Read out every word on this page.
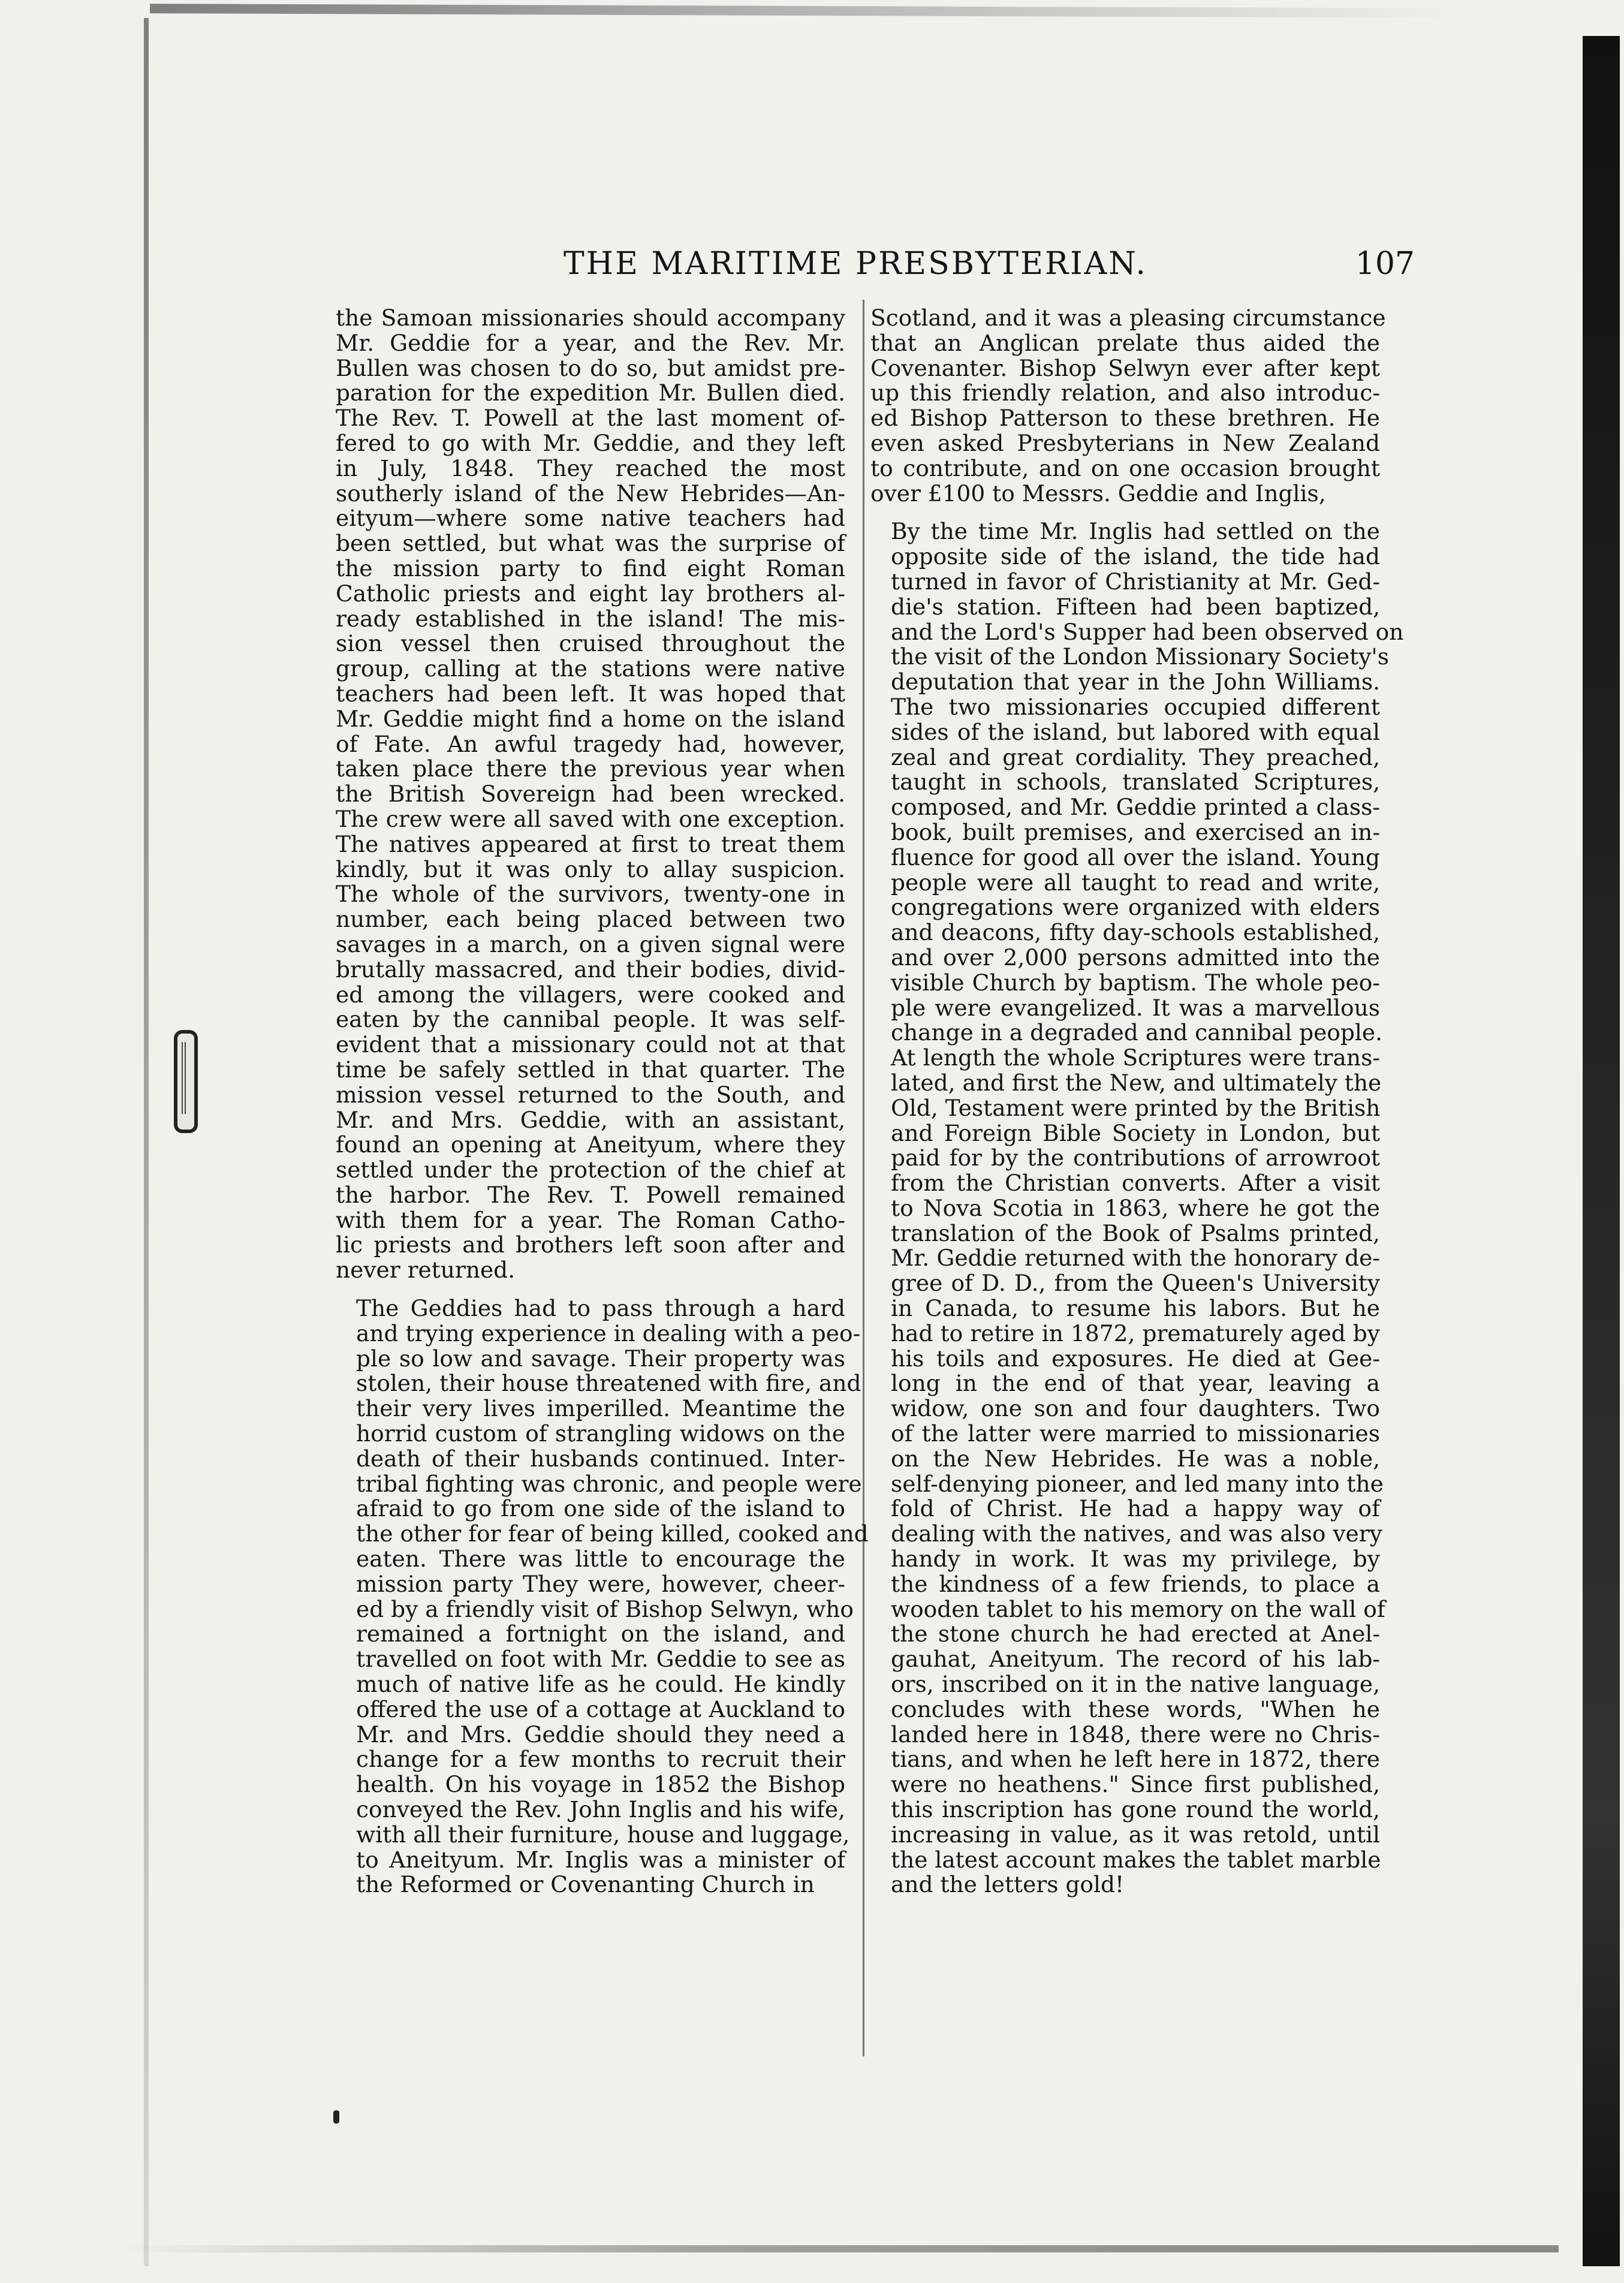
THE MARITIME PRESBYTERIAN.	107

the Samoan missionaries should accompany
Mr. Geddie for a year, and the Rev. Mr.
Bullen was chosen to do so, but amidst pre-
paration for the expedition Mr. Bullen died.
The Rev. T. Powell at the last moment of-
fered to go with Mr. Geddie, and they left
in July, 1848. They reached the most
southerly island of the New Hebrides—An-
eityum—where some native teachers had
been settled, but what was the surprise of
the mission party to find eight Roman
Catholic priests and eight lay brothers al-
ready established in the island! The mis-
sion vessel then cruised throughout the
group, calling at the stations were native
teachers had been left. It was hoped that
Mr. Geddie might find a home on the island
of Fate. An awful tragedy had, however,
taken place there the previous year when
the British Sovereign had been wrecked.
The crew were all saved with one exception.
The natives appeared at first to treat them
kindly, but it was only to allay suspicion.
The whole of the survivors, twenty-one in
number, each being placed between two
savages in a march, on a given signal were
brutally massacred, and their bodies, divid-
ed among the villagers, were cooked and
eaten by the cannibal people. It was self-
evident that a missionary could not at that
time be safely settled in that quarter. The
mission vessel returned to the South, and
Mr. and Mrs. Geddie, with an assistant,
found an opening at Aneityum, where they
settled under the protection of the chief at
the harbor. The Rev. T. Powell remained
with them for a year. The Roman Catho-
lic priests and brothers left soon after and
never returned.

The Geddies had to pass through a hard
and trying experience in dealing with a peo-
ple so low and savage. Their property was
stolen, their house threatened with fire, and
their very lives imperilled. Meantime the
horrid custom of strangling widows on the
death of their husbands continued. Inter-
tribal fighting was chronic, and people were
afraid to go from one side of the island to
the other for fear of being killed, cooked and
eaten. There was little to encourage the
mission party They were, however, cheer-
ed by a friendly visit of Bishop Selwyn, who
remained a fortnight on the island, and
travelled on foot with Mr. Geddie to see as
much of native life as he could. He kindly
offered the use of a cottage at Auckland to
Mr. and Mrs. Geddie should they need a
change for a few months to recruit their
health. On his voyage in 1852 the Bishop
conveyed the Rev. John Inglis and his wife,
with all their furniture, house and luggage,
to Aneityum. Mr. Inglis was a minister of
the Reformed or Covenanting Church in

Scotland, and it was a pleasing circumstance
that an Anglican prelate thus aided the
Covenanter. Bishop Selwyn ever after kept
up this friendly relation, and also introduc-
ed Bishop Patterson to these brethren. He
even asked Presbyterians in New Zealand
to contribute, and on one occasion brought
over £100 to Messrs. Geddie and Inglis,

By the time Mr. Inglis had settled on the
opposite side of the island, the tide had
turned in favor of Christianity at Mr. Ged-
die's station. Fifteen had been baptized,
and the Lord's Supper had been observed on
the visit of the London Missionary Society's
deputation that year in the John Williams.
The two missionaries occupied different
sides of the island, but labored with equal
zeal and great cordiality. They preached,
taught in schools, translated Scriptures,
composed, and Mr. Geddie printed a class-
book, built premises, and exercised an in-
fluence for good all over the island. Young
people were all taught to read and write,
congregations were organized with elders
and deacons, fifty day-schools established,
and over 2,000 persons admitted into the
visible Church by baptism. The whole peo-
ple were evangelized. It was a marvellous
change in a degraded and cannibal people.
At length the whole Scriptures were trans-
lated, and first the New, and ultimately the
Old, Testament were printed by the British
and Foreign Bible Society in London, but
paid for by the contributions of arrowroot
from the Christian converts. After a visit
to Nova Scotia in 1863, where he got the
translation of the Book of Psalms printed,
Mr. Geddie returned with the honorary de-
gree of D. D., from the Queen's University
in Canada, to resume his labors. But he
had to retire in 1872, prematurely aged by
his toils and exposures. He died at Gee-
long in the end of that year, leaving a
widow, one son and four daughters. Two
of the latter were married to missionaries
on the New Hebrides. He was a noble,
self-denying pioneer, and led many into the
fold of Christ. He had a happy way of
dealing with the natives, and was also very
handy in work. It was my privilege, by
the kindness of a few friends, to place a
wooden tablet to his memory on the wall of
the stone church he had erected at Anel-
gauhat, Aneityum. The record of his lab-
ors, inscribed on it in the native language,
concludes with these words, "When he
landed here in 1848, there were no Chris-
tians, and when he left here in 1872, there
were no heathens." Since first published,
this inscription has gone round the world,
increasing in value, as it was retold, until
the latest account makes the tablet marble
and the letters gold!
